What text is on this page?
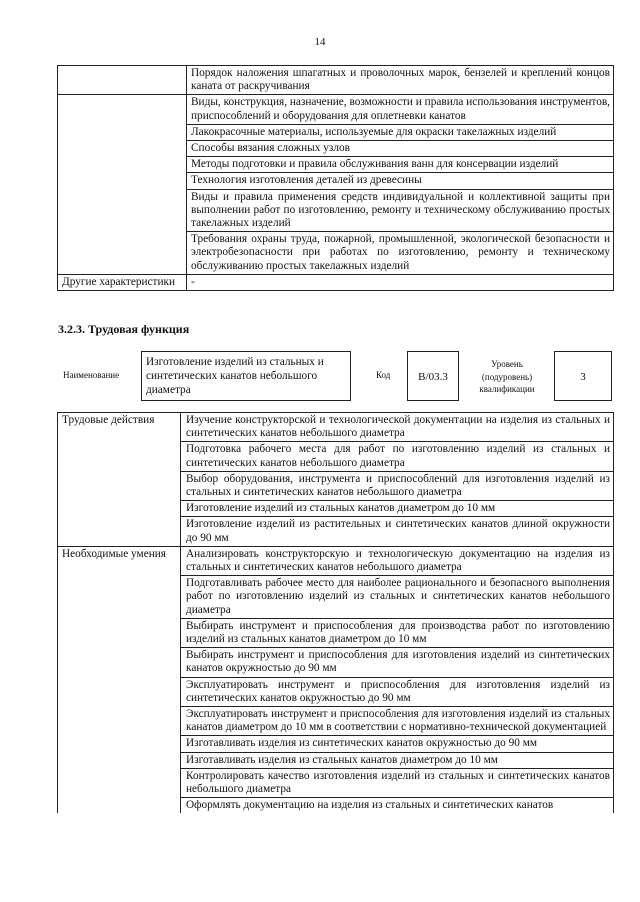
14
	Порядок наложения шпагатных и проволочных марок, бензелей и креплений концов каната от раскручивания
	Виды, конструкция, назначение, возможности и правила использования инструментов, приспособлений и оборудования для оплетневки канатов
	Лакокрасочные материалы, используемые для окраски такелажных изделий
	Способы вязания сложных узлов
	Методы подготовки и правила обслуживания ванн для консервации изделий
	Технология изготовления деталей из древесины
	Виды и правила применения средств индивидуальной и коллективной защиты при выполнении работ по изготовлению, ремонту и техническому обслуживанию простых такелажных изделий
	Требования охраны труда, пожарной, промышленной, экологической безопасности и электробезопасности при работах по изготовлению, ремонту и техническому обслуживанию простых такелажных изделий
Другие характеристики	-
3.2.3. Трудовая функция
Наименование
Изготовление изделий из стальных и синтетических канатов небольшого диаметра
Код	B/03.3
Уровень (подуровень) квалификации
3
Трудовые действия	Изучение конструкторской и технологической документации на изделия из стальных и синтетических канатов небольшого диаметра
	Подготовка рабочего места для работ по изготовлению изделий из стальных и синтетических канатов небольшого диаметра
	Выбор оборудования, инструмента и приспособлений для изготовления изделий из стальных и синтетических канатов небольшого диаметра
	Изготовление изделий из стальных канатов диаметром до 10 мм
	Изготовление изделий из растительных и синтетических канатов длиной окружности до 90 мм
Необходимые умения	Анализировать конструкторскую и технологическую документацию на изделия из стальных и синтетических канатов небольшого диаметра
	Подготавливать рабочее место для наиболее рационального и безопасного выполнения работ по изготовлению изделий из стальных и синтетических канатов небольшого диаметра
	Выбирать инструмент и приспособления для производства работ по изготовлению изделий из стальных канатов диаметром до 10 мм
	Выбирать инструмент и приспособления для изготовления изделий из синтетических канатов окружностью до 90 мм
	Эксплуатировать инструмент и приспособления для изготовления изделий из синтетических канатов окружностью до 90 мм
	Эксплуатировать инструмент и приспособления для изготовления изделий из стальных канатов диаметром до 10 мм в соответствии с нормативно-технической документацией
	Изготавливать изделия из синтетических канатов окружностью до 90 мм
	Изготавливать изделия из стальных канатов диаметром до 10 мм
	Контролировать качество изготовления изделий из стальных и синтетических канатов небольшого диаметра
	Оформлять документацию на изделия из стальных и синтетических канатов
